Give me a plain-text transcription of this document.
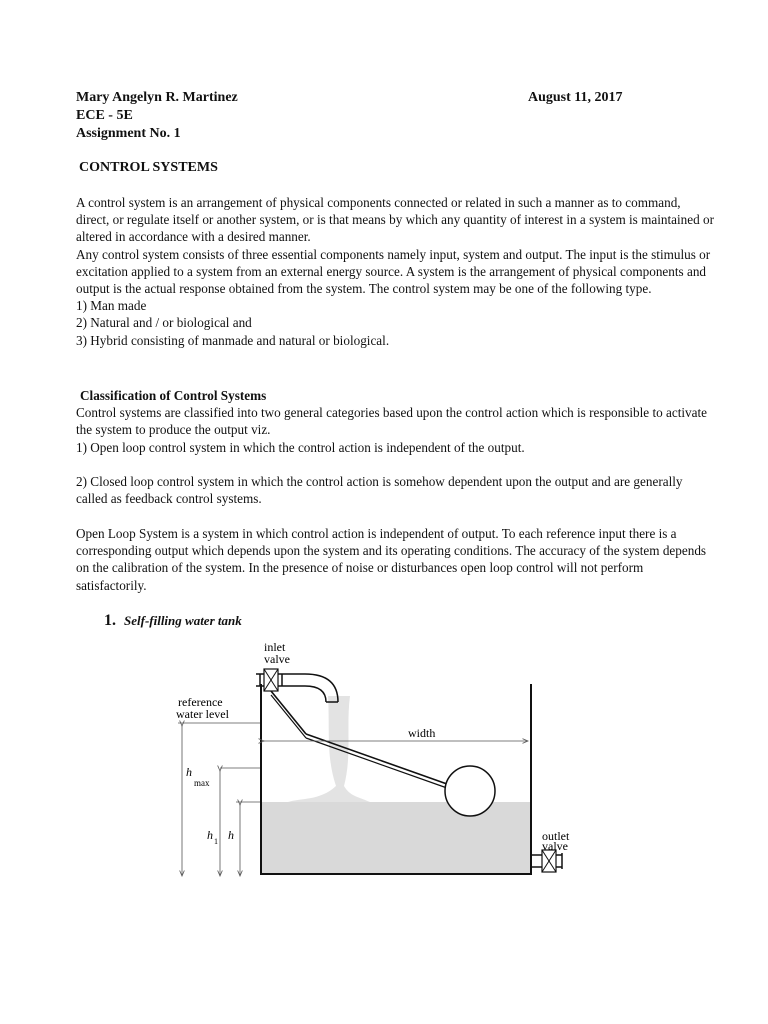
Mary Angelyn R. Martinez
ECE - 5E
Assignment No. 1
August 11, 2017
CONTROL SYSTEMS

A control system is an arrangement of physical components connected or related in such a manner as to command, direct, or regulate itself or another system, or is that means by which any quantity of interest in a system is maintained or altered in accordance with a desired manner.

Any control system consists of three essential components namely input, system and output. The input is the stimulus or excitation applied to a system from an external energy source. A system is the arrangement of physical components and output is the actual response obtained from the system. The control system may be one of the following type.

1) Man made

2) Natural and / or biological and

3) Hybrid consisting of manmade and natural or biological.

Classification of Control Systems

Control systems are classified into two general categories based upon the control action which is responsible to activate the system to produce the output viz.

1) Open loop control system in which the control action is independent of the output.

2) Closed loop control system in which the control action is somehow dependent upon the output and are generally called as feedback control systems.

Open Loop System is a system in which control action is independent of output. To each reference input there is a corresponding output which depends upon the system and its operating conditions. The accuracy of the system depends on the calibration of the system. In the presence of noise or disturbances open loop control will not perform satisfactorily.

1. Self-filling water tank
width
reference
water level
h
max
h 1 h
inlet
valve
outlet
valve
